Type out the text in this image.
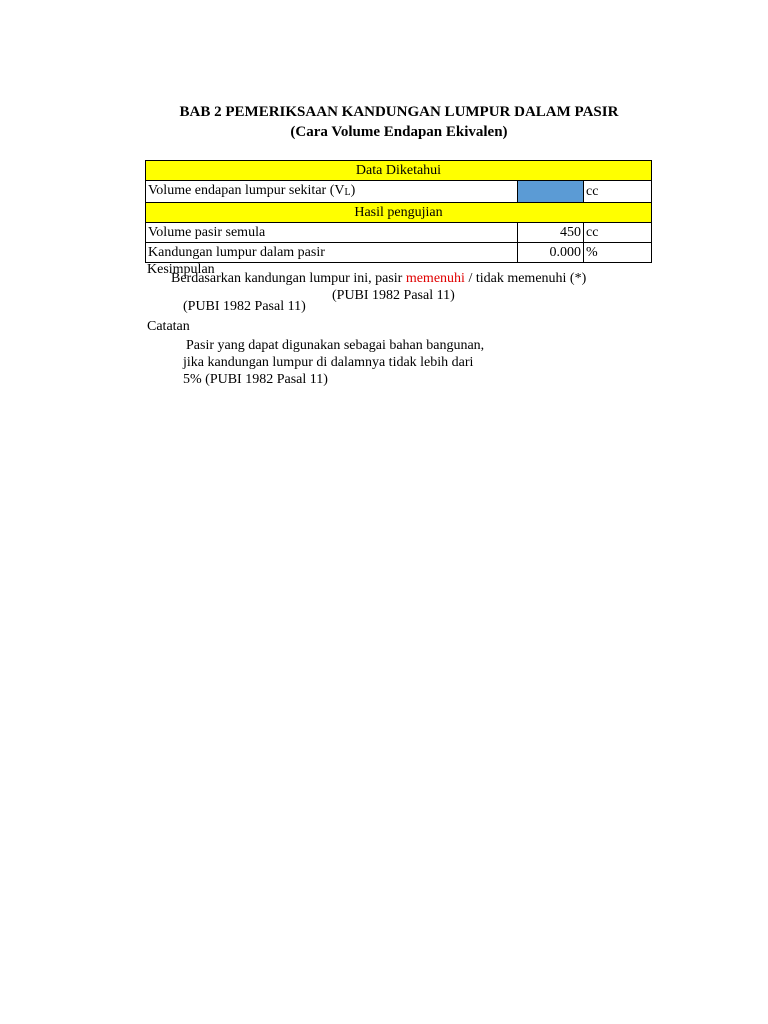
BAB 2 PEMERIKSAAN KANDUNGAN LUMPUR DALAM PASIR
(Cara Volume Endapan Ekivalen)
Data Diketahui		
Volume endapan lumpur sekitar $(V_L)$		cc
Hasil pengujian		
Volume pasir semula	450	cc
Kandungan lumpur dalam pasir	0.000	%
Kesimpulan
Berdasarkan kandungan lumpur ini, pasir memenuhi / tidak memenuhi (*)
(PUBI 1982 Pasal 11)
(PUBI 1982 Pasal 11)
Catatan
Pasir yang dapat digunakan sebagai bahan bangunan,
jika kandungan lumpur di dalamnya tidak lebih dari
5% (PUBI 1982 Pasal 11)
